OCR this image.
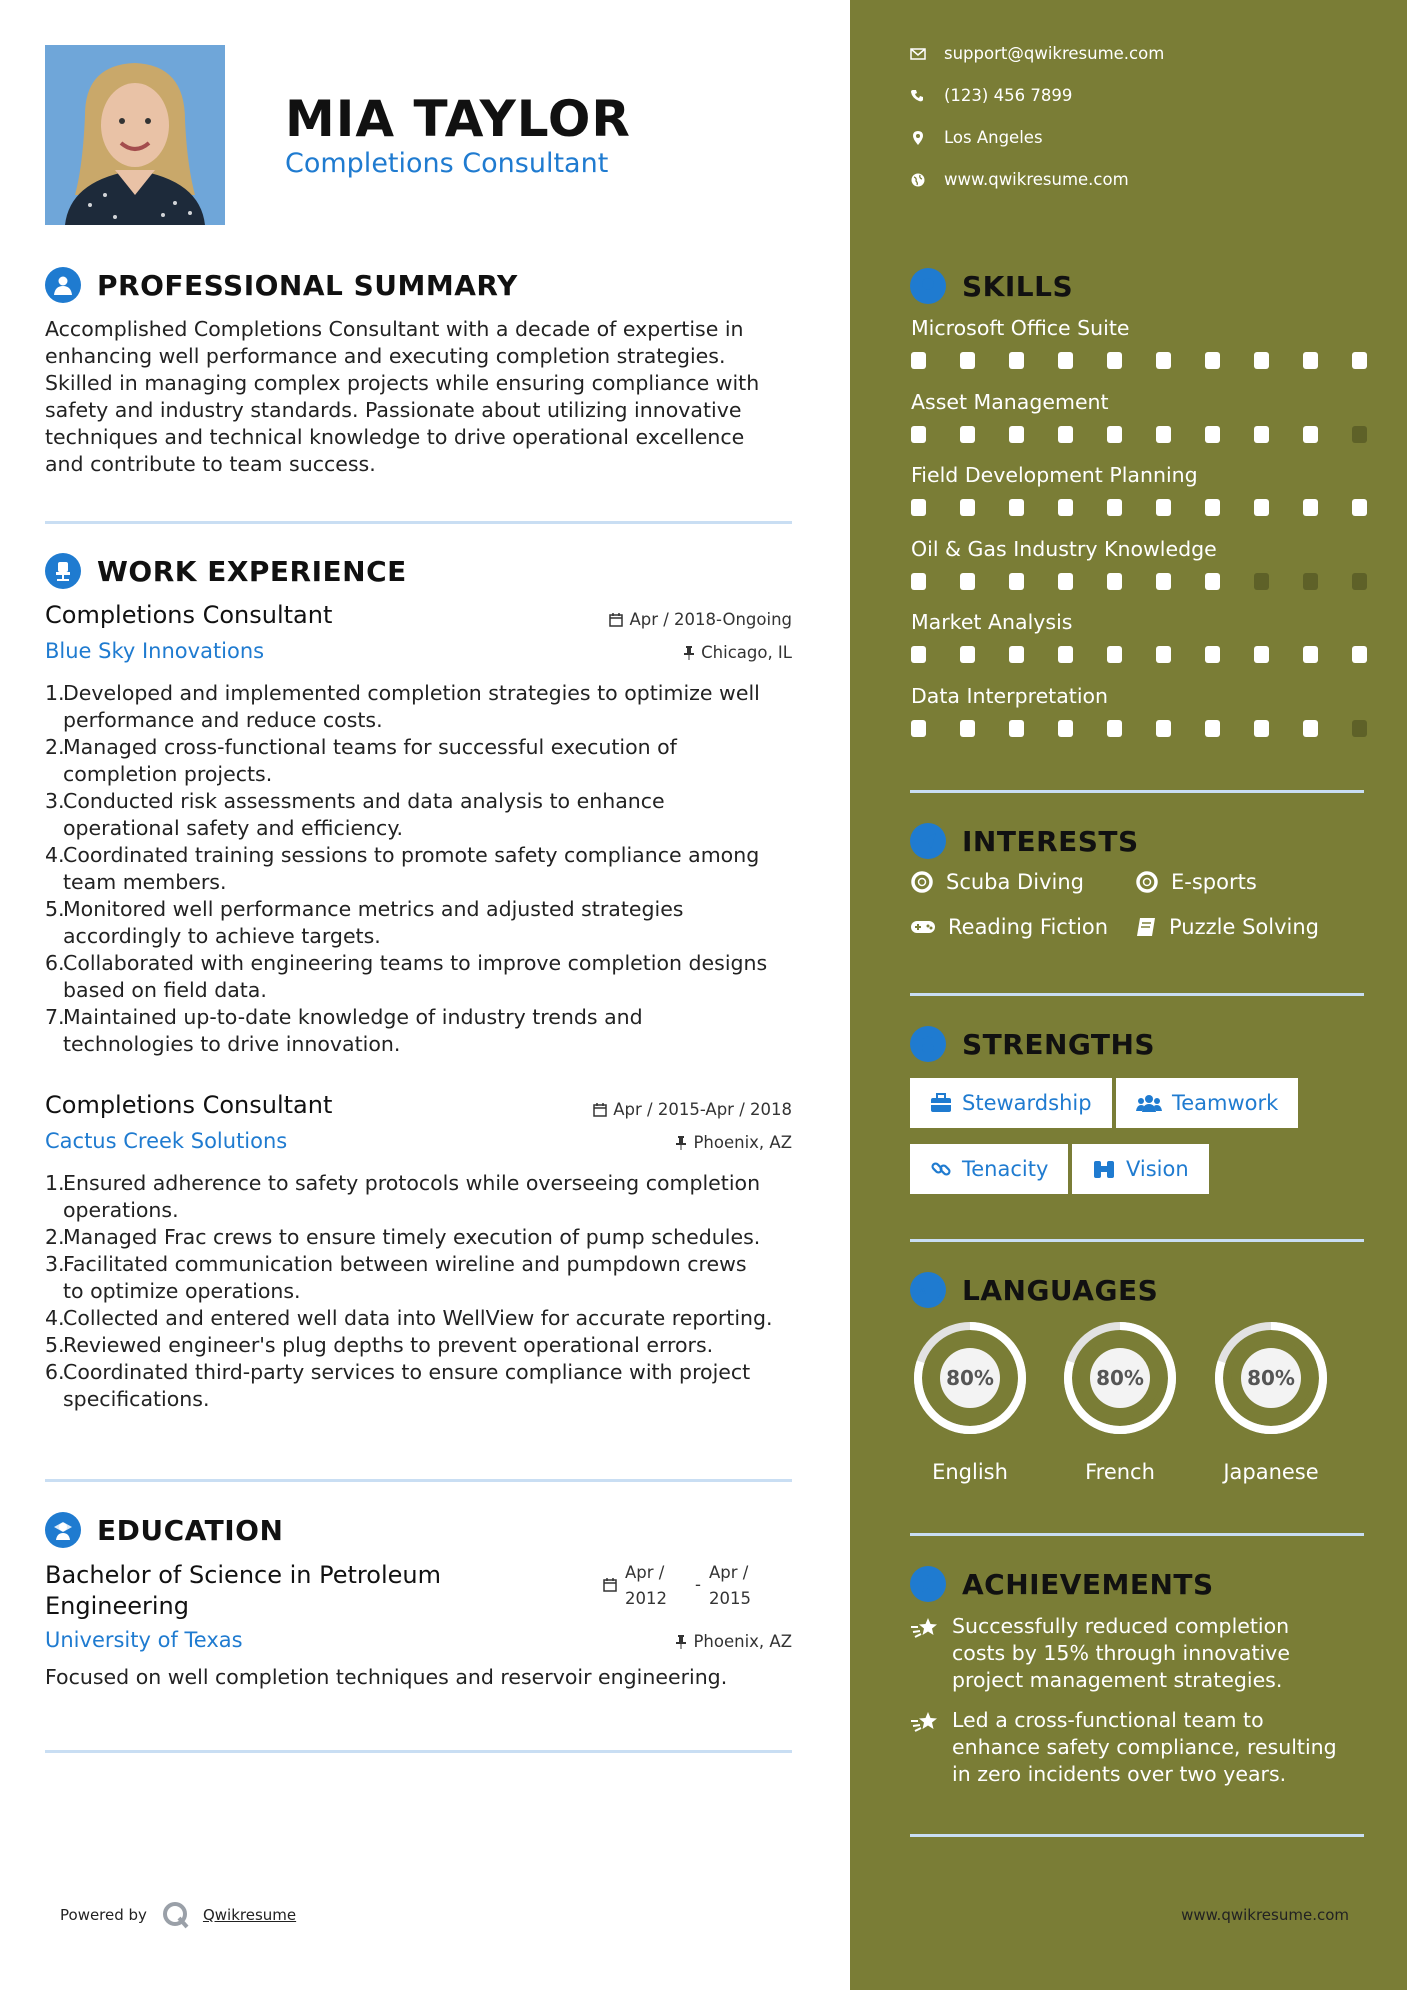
MIA TAYLOR
Completions Consultant
PROFESSIONAL SUMMARY
Accomplished Completions Consultant with a decade of expertise in
enhancing well performance and executing completion strategies.
Skilled in managing complex projects while ensuring compliance with
safety and industry standards. Passionate about utilizing innovative
techniques and technical knowledge to drive operational excellence
and contribute to team success.
WORK EXPERIENCE
Completions Consultant	Apr / 2018-Ongoing
Blue Sky Innovations	Chicago, IL
1.
Developed and implemented completion strategies to optimize well
performance and reduce costs.
2.
Managed cross-functional teams for successful execution of
completion projects.
3.
Conducted risk assessments and data analysis to enhance
operational safety and efficiency.
4.
Coordinated training sessions to promote safety compliance among
team members.
5.
Monitored well performance metrics and adjusted strategies
accordingly to achieve targets.
6.
Collaborated with engineering teams to improve completion designs
based on field data.
7.
Maintained up-to-date knowledge of industry trends and
technologies to drive innovation.
Completions Consultant	Apr / 2015-Apr / 2018
Cactus Creek Solutions	Phoenix, AZ
1.
Ensured adherence to safety protocols while overseeing completion
operations.
2.
Managed Frac crews to ensure timely execution of pump schedules.
3.
Facilitated communication between wireline and pumpdown crews
to optimize operations.
4.
Collected and entered well data into WellView for accurate reporting.
5.
Reviewed engineer's plug depths to prevent operational errors.
6.
Coordinated third-party services to ensure compliance with project
specifications.
EDUCATION
Bachelor of Science in Petroleum
Engineering
Apr /
2012
-
Apr /
2015
University of Texas	Phoenix, AZ
Focused on well completion techniques and reservoir engineering.
Powered by	Qwikresume
support@qwikresume.com
(123) 456 7899
Los Angeles
www.qwikresume.com
SKILLS
Microsoft Office Suite
Asset Management
Field Development Planning
Oil & Gas Industry Knowledge
Market Analysis
Data Interpretation
INTERESTS
Scuba Diving	E-sports
Reading Fiction	Puzzle Solving
STRENGTHS
Stewardship	Teamwork
Tenacity	Vision
A LANGUAGES
80%
English
80%
French
80%
Japanese
ACHIEVEMENTS
Successfully reduced completion
costs by 15% through innovative
project management strategies.
Led a cross-functional team to
enhance safety compliance, resulting
in zero incidents over two years.
www.qwikresume.com
